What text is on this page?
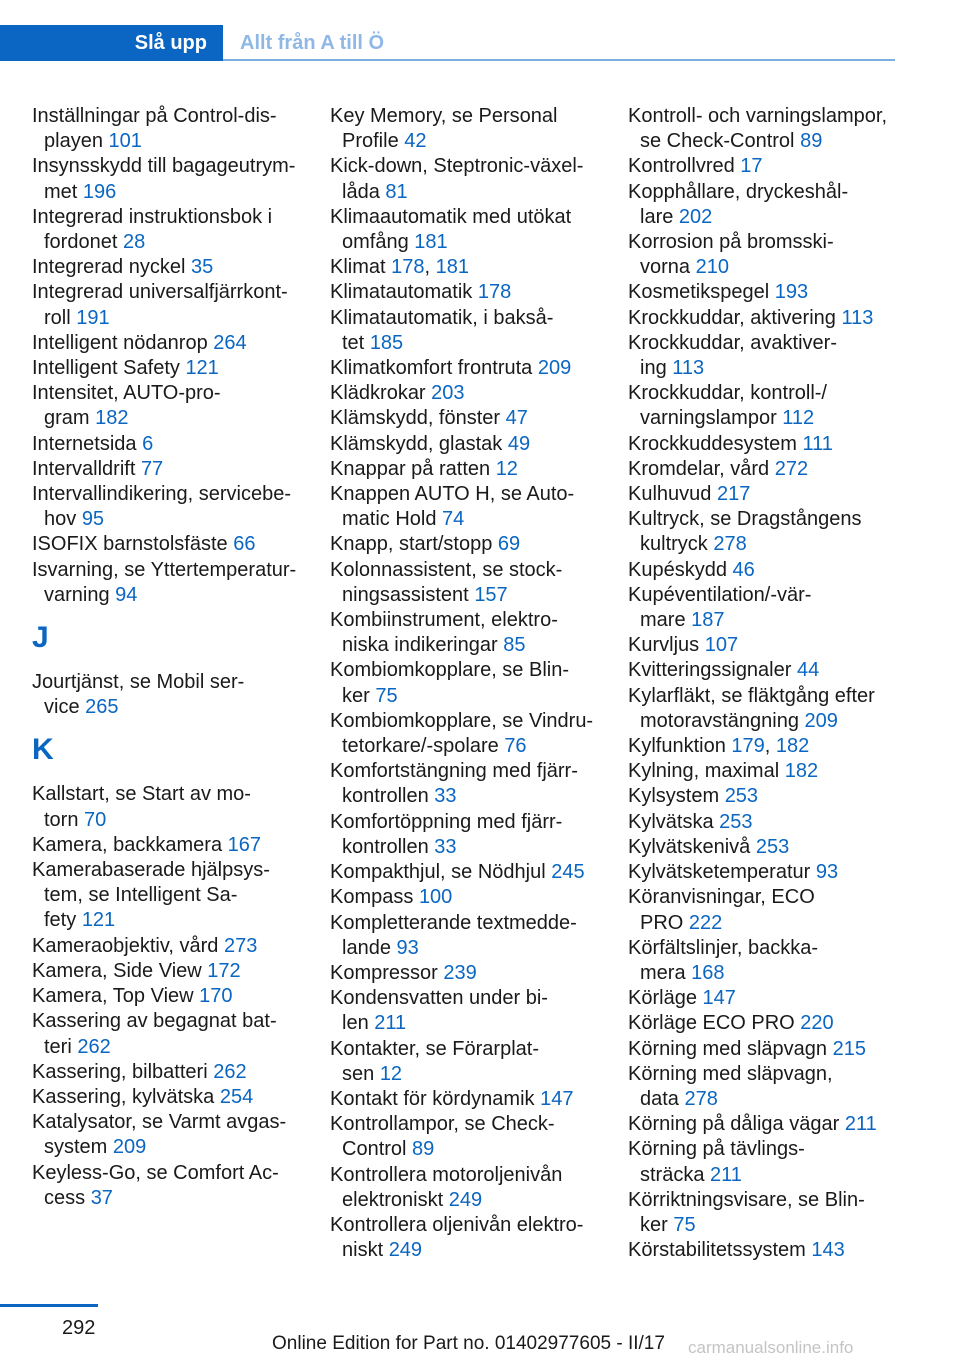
Slå upp	Allt från A till Ö
Inställningar på Control-dis-
playen 101
Insynsskydd till bagageutrym-
met 196
Integrerad instruktionsbok i
fordonet 28
Integrerad nyckel 35
Integrerad universalfjärrkont-
roll 191
Intelligent nödanrop 264
Intelligent Safety 121
Intensitet, AUTO-pro-
gram 182
Internetsida 6
Intervalldrift 77
Intervallindikering, servicebe-
hov 95
ISOFIX barnstolsfäste 66
Isvarning, se Yttertemperatur-
varning 94
J
Jourtjänst, se Mobil ser-
vice 265
K
Kallstart, se Start av mo-
torn 70
Kamera, backkamera 167
Kamerabaserade hjälpsys-
tem, se Intelligent Sa-
fety 121
Kameraobjektiv, vård 273
Kamera, Side View 172
Kamera, Top View 170
Kassering av begagnat bat-
teri 262
Kassering, bilbatteri 262
Kassering, kylvätska 254
Katalysator, se Varmt avgas-
system 209
Keyless-Go, se Comfort Ac-
cess 37
Key Memory, se Personal
Profile 42
Kick-down, Steptronic-växel-
låda 81
Klimaautomatik med utökat
omfång 181
Klimat 178, 181
Klimatautomatik 178
Klimatautomatik, i bakså-
tet 185
Klimatkomfort frontruta 209
Klädkrokar 203
Klämskydd, fönster 47
Klämskydd, glastak 49
Knappar på ratten 12
Knappen AUTO H, se Auto-
matic Hold 74
Knapp, start/stopp 69
Kolonnassistent, se stock-
ningsassistent 157
Kombiinstrument, elektro-
niska indikeringar 85
Kombiomkopplare, se Blin-
ker 75
Kombiomkopplare, se Vindru-
tetorkare/-spolare 76
Komfortstängning med fjärr-
kontrollen 33
Komfortöppning med fjärr-
kontrollen 33
Kompakthjul, se Nödhjul 245
Kompass 100
Kompletterande textmedde-
lande 93
Kompressor 239
Kondensvatten under bi-
len 211
Kontakter, se Förarplat-
sen 12
Kontakt för kördynamik 147
Kontrollampor, se Check-
Control 89
Kontrollera motoroljenivån
elektroniskt 249
Kontrollera oljenivån elektro-
niskt 249
Kontroll- och varningslampor,
se Check-Control 89
Kontrollvred 17
Kopphållare, dryckeshål-
lare 202
Korrosion på bromsski-
vorna 210
Kosmetikspegel 193
Krockkuddar, aktivering 113
Krockkuddar, avaktiver-
ing 113
Krockkuddar, kontroll-/
varningslampor 112
Krockkuddesystem 111
Kromdelar, vård 272
Kulhuvud 217
Kultryck, se Dragstångens
kultryck 278
Kupéskydd 46
Kupéventilation/-vär-
mare 187
Kurvljus 107
Kvitteringssignaler 44
Kylarfläkt, se fläktgång efter
motoravstängning 209
Kylfunktion 179, 182
Kylning, maximal 182
Kylsystem 253
Kylvätska 253
Kylvätskenivå 253
Kylvätsketemperatur 93
Köranvisningar, ECO
PRO 222
Körfältslinjer, backka-
mera 168
Körläge 147
Körläge ECO PRO 220
Körning med släpvagn 215
Körning med släpvagn,
data 278
Körning på dåliga vägar 211
Körning på tävlings-
sträcka 211
Körriktningsvisare, se Blin-
ker 75
Körstabilitetssystem 143
292
Online Edition for Part no. 01402977605 - II/17 carmanualsonline.info
